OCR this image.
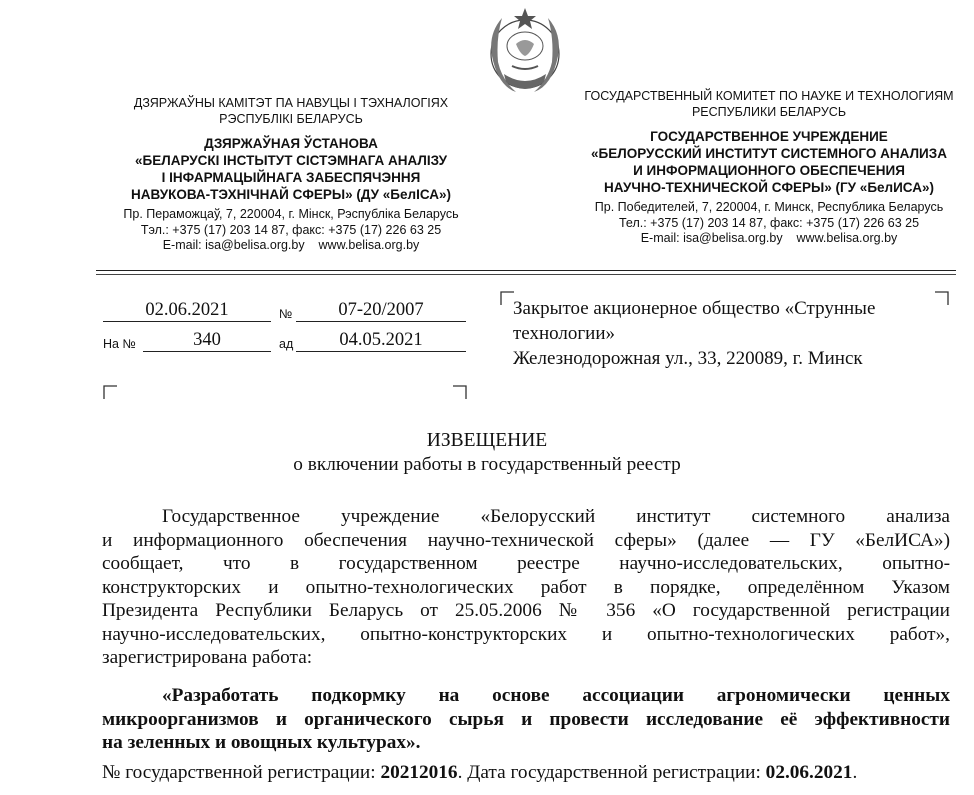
ДЗЯРЖАЎНЫ КАМІТЭТ ПА НАВУЦЫ І ТЭХНАЛОГІЯХ
РЭСПУБЛІКІ БЕЛАРУСЬ
ДЗЯРЖАЎНАЯ ЎСТАНОВА
«БЕЛАРУСКІ ІНСТЫТУТ СІСТЭМНАГА АНАЛІЗУ
І ІНФАРМАЦЫЙНАГА ЗАБЕСПЯЧЭННЯ
НАВУКОВА-ТЭХНІЧНАЙ СФЕРЫ» (ДУ «БелІСА»)
Пр. Пераможцаў, 7, 220004, г. Мінск, Рэспубліка Беларусь
Тэл.: +375 (17) 203 14 87, факс: +375 (17) 226 63 25
E-mail: isa@belisa.org.by www.belisa.org.by
ГОСУДАРСТВЕННЫЙ КОМИТЕТ ПО НАУКЕ И ТЕХНОЛОГИЯМ
РЕСПУБЛИКИ БЕЛАРУСЬ
ГОСУДАРСТВЕННОЕ УЧРЕЖДЕНИЕ
«БЕЛОРУССКИЙ ИНСТИТУТ СИСТЕМНОГО АНАЛИЗА
И ИНФОРМАЦИОННОГО ОБЕСПЕЧЕНИЯ
НАУЧНО-ТЕХНИЧЕСКОЙ СФЕРЫ» (ГУ «БелИСА»)
Пр. Победителей, 7, 220004, г. Минск, Республика Беларусь
Тел.: +375 (17) 203 14 87, факс: +375 (17) 226 63 25
E-mail: isa@belisa.org.by www.belisa.org.by
02.06.2021	№	07-20/2007
На №	340	ад	04.05.2021
Закрытое акционерное общество «Струнные
технологии»
Железнодорожная ул., 33, 220089, г. Минск
ИЗВЕЩЕНИЕ
о включении работы в государственный реестр
Государственное учреждение «Белорусский институт системного анализа
и информационного обеспечения научно-технической сферы» (далее — ГУ «БелИСА»)
сообщает, что в государственном реестре научно-исследовательских, опытно-
конструкторских и опытно-технологических работ в порядке, определённом Указом
Президента Республики Беларусь от 25.05.2006 № 356 «О государственной регистрации
научно-исследовательских, опытно-конструкторских и опытно-технологических работ»,
зарегистрирована работа:
«Разработать подкормку на основе ассоциации агрономически ценных
микроорганизмов и органического сырья и провести исследование её эффективности
на зеленных и овощных культурах».
№ государственной регистрации: 20212016. Дата государственной регистрации: 02.06.2021.
